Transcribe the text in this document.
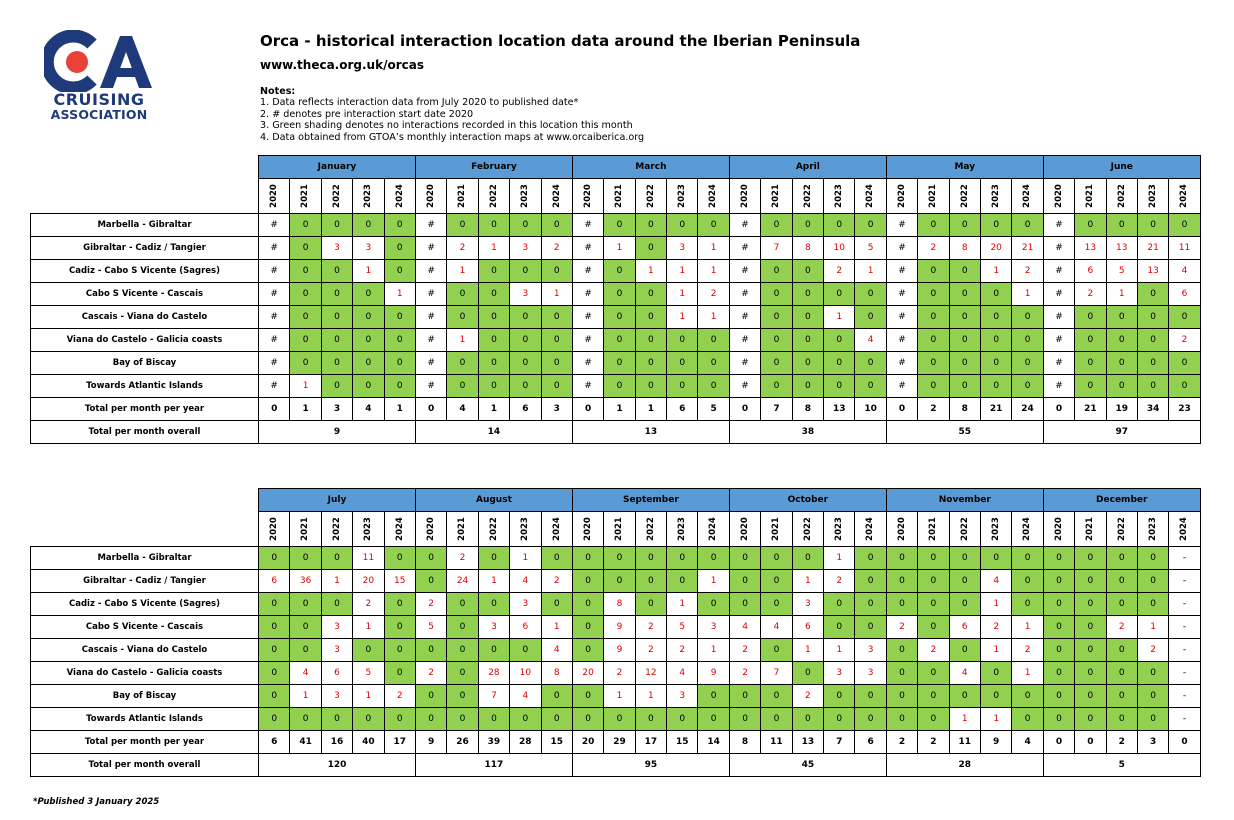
CRUISING
ASSOCIATION
Orca - historical interaction location data around the Iberian Peninsula
www.theca.org.uk/orcas
Notes:
1. Data reflects interaction data from July 2020 to published date*
2. # denotes pre interaction start date 2020
3. Green shading denotes no interactions recorded in this location this month
4. Data obtained from GTOA’s monthly interaction maps at www.orcaiberica.org
	January					February					March					April					May					June				

	2020	2021	2022	2023	2024	2020	2021	2022	2023	2024	2020	2021	2022	2023	2024	2020	2021	2022	2023	2024	2020	2021	2022	2023	2024	2020	2021	2022	2023	2024

Marbella - Gibraltar	#	0	0	0	0	#	0	0	0	0	#	0	0	0	0	#	0	0	0	0	#	0	0	0	0	#	0	0	0	0
Gibraltar - Cadiz / Tangier	#	0	3	3	0	#	2	1	3	2	#	1	0	3	1	#	7	8	10	5	#	2	8	20	21	#	13	13	21	11
Cadiz - Cabo S Vicente (Sagres)	#	0	0	1	0	#	1	0	0	0	#	0	1	1	1	#	0	0	2	1	#	0	0	1	2	#	6	5	13	4
Cabo S Vicente - Cascais	#	0	0	0	1	#	0	0	3	1	#	0	0	1	2	#	0	0	0	0	#	0	0	0	1	#	2	1	0	6
Cascais - Viana do Castelo	#	0	0	0	0	#	0	0	0	0	#	0	0	1	1	#	0	0	1	0	#	0	0	0	0	#	0	0	0	0
Viana do Castelo - Galicia coasts	#	0	0	0	0	#	1	0	0	0	#	0	0	0	0	#	0	0	0	4	#	0	0	0	0	#	0	0	0	2
Bay of Biscay	#	0	0	0	0	#	0	0	0	0	#	0	0	0	0	#	0	0	0	0	#	0	0	0	0	#	0	0	0	0
Towards Atlantic Islands	#	1	0	0	0	#	0	0	0	0	#	0	0	0	0	#	0	0	0	0	#	0	0	0	0	#	0	0	0	0
Total per month per year	0	1	3	4	1	0	4	1	6	3	0	1	1	6	5	0	7	8	13	10	0	2	8	21	24	0	21	19	34	23
Total per month overall	9					14					13					38					55					97				
	July					August					September					October					November					December				

	2020	2021	2022	2023	2024	2020	2021	2022	2023	2024	2020	2021	2022	2023	2024	2020	2021	2022	2023	2024	2020	2021	2022	2023	2024	2020	2021	2022	2023	2024

Marbella - Gibraltar	0	0	0	11	0	0	2	0	1	0	0	0	0	0	0	0	0	0	1	0	0	0	0	0	0	0	0	0	0	-
Gibraltar - Cadiz / Tangier	6	36	1	20	15	0	24	1	4	2	0	0	0	0	1	0	0	1	2	0	0	0	0	4	0	0	0	0	0	-
Cadiz - Cabo S Vicente (Sagres)	0	0	0	2	0	2	0	0	3	0	0	8	0	1	0	0	0	3	0	0	0	0	0	1	0	0	0	0	0	-
Cabo S Vicente - Cascais	0	0	3	1	0	5	0	3	6	1	0	9	2	5	3	4	4	6	0	0	2	0	6	2	1	0	0	2	1	-
Cascais - Viana do Castelo	0	0	3	0	0	0	0	0	0	4	0	9	2	2	1	2	0	1	1	3	0	2	0	1	2	0	0	0	2	-
Viana do Castelo - Galicia coasts	0	4	6	5	0	2	0	28	10	8	20	2	12	4	9	2	7	0	3	3	0	0	4	0	1	0	0	0	0	-
Bay of Biscay	0	1	3	1	2	0	0	7	4	0	0	1	1	3	0	0	0	2	0	0	0	0	0	0	0	0	0	0	0	-
Towards Atlantic Islands	0	0	0	0	0	0	0	0	0	0	0	0	0	0	0	0	0	0	0	0	0	0	1	1	0	0	0	0	0	-
Total per month per year	6	41	16	40	17	9	26	39	28	15	20	29	17	15	14	8	11	13	7	6	2	2	11	9	4	0	0	2	3	0
Total per month overall	120					117					95					45					28					5				
*Published 3 January 2025
